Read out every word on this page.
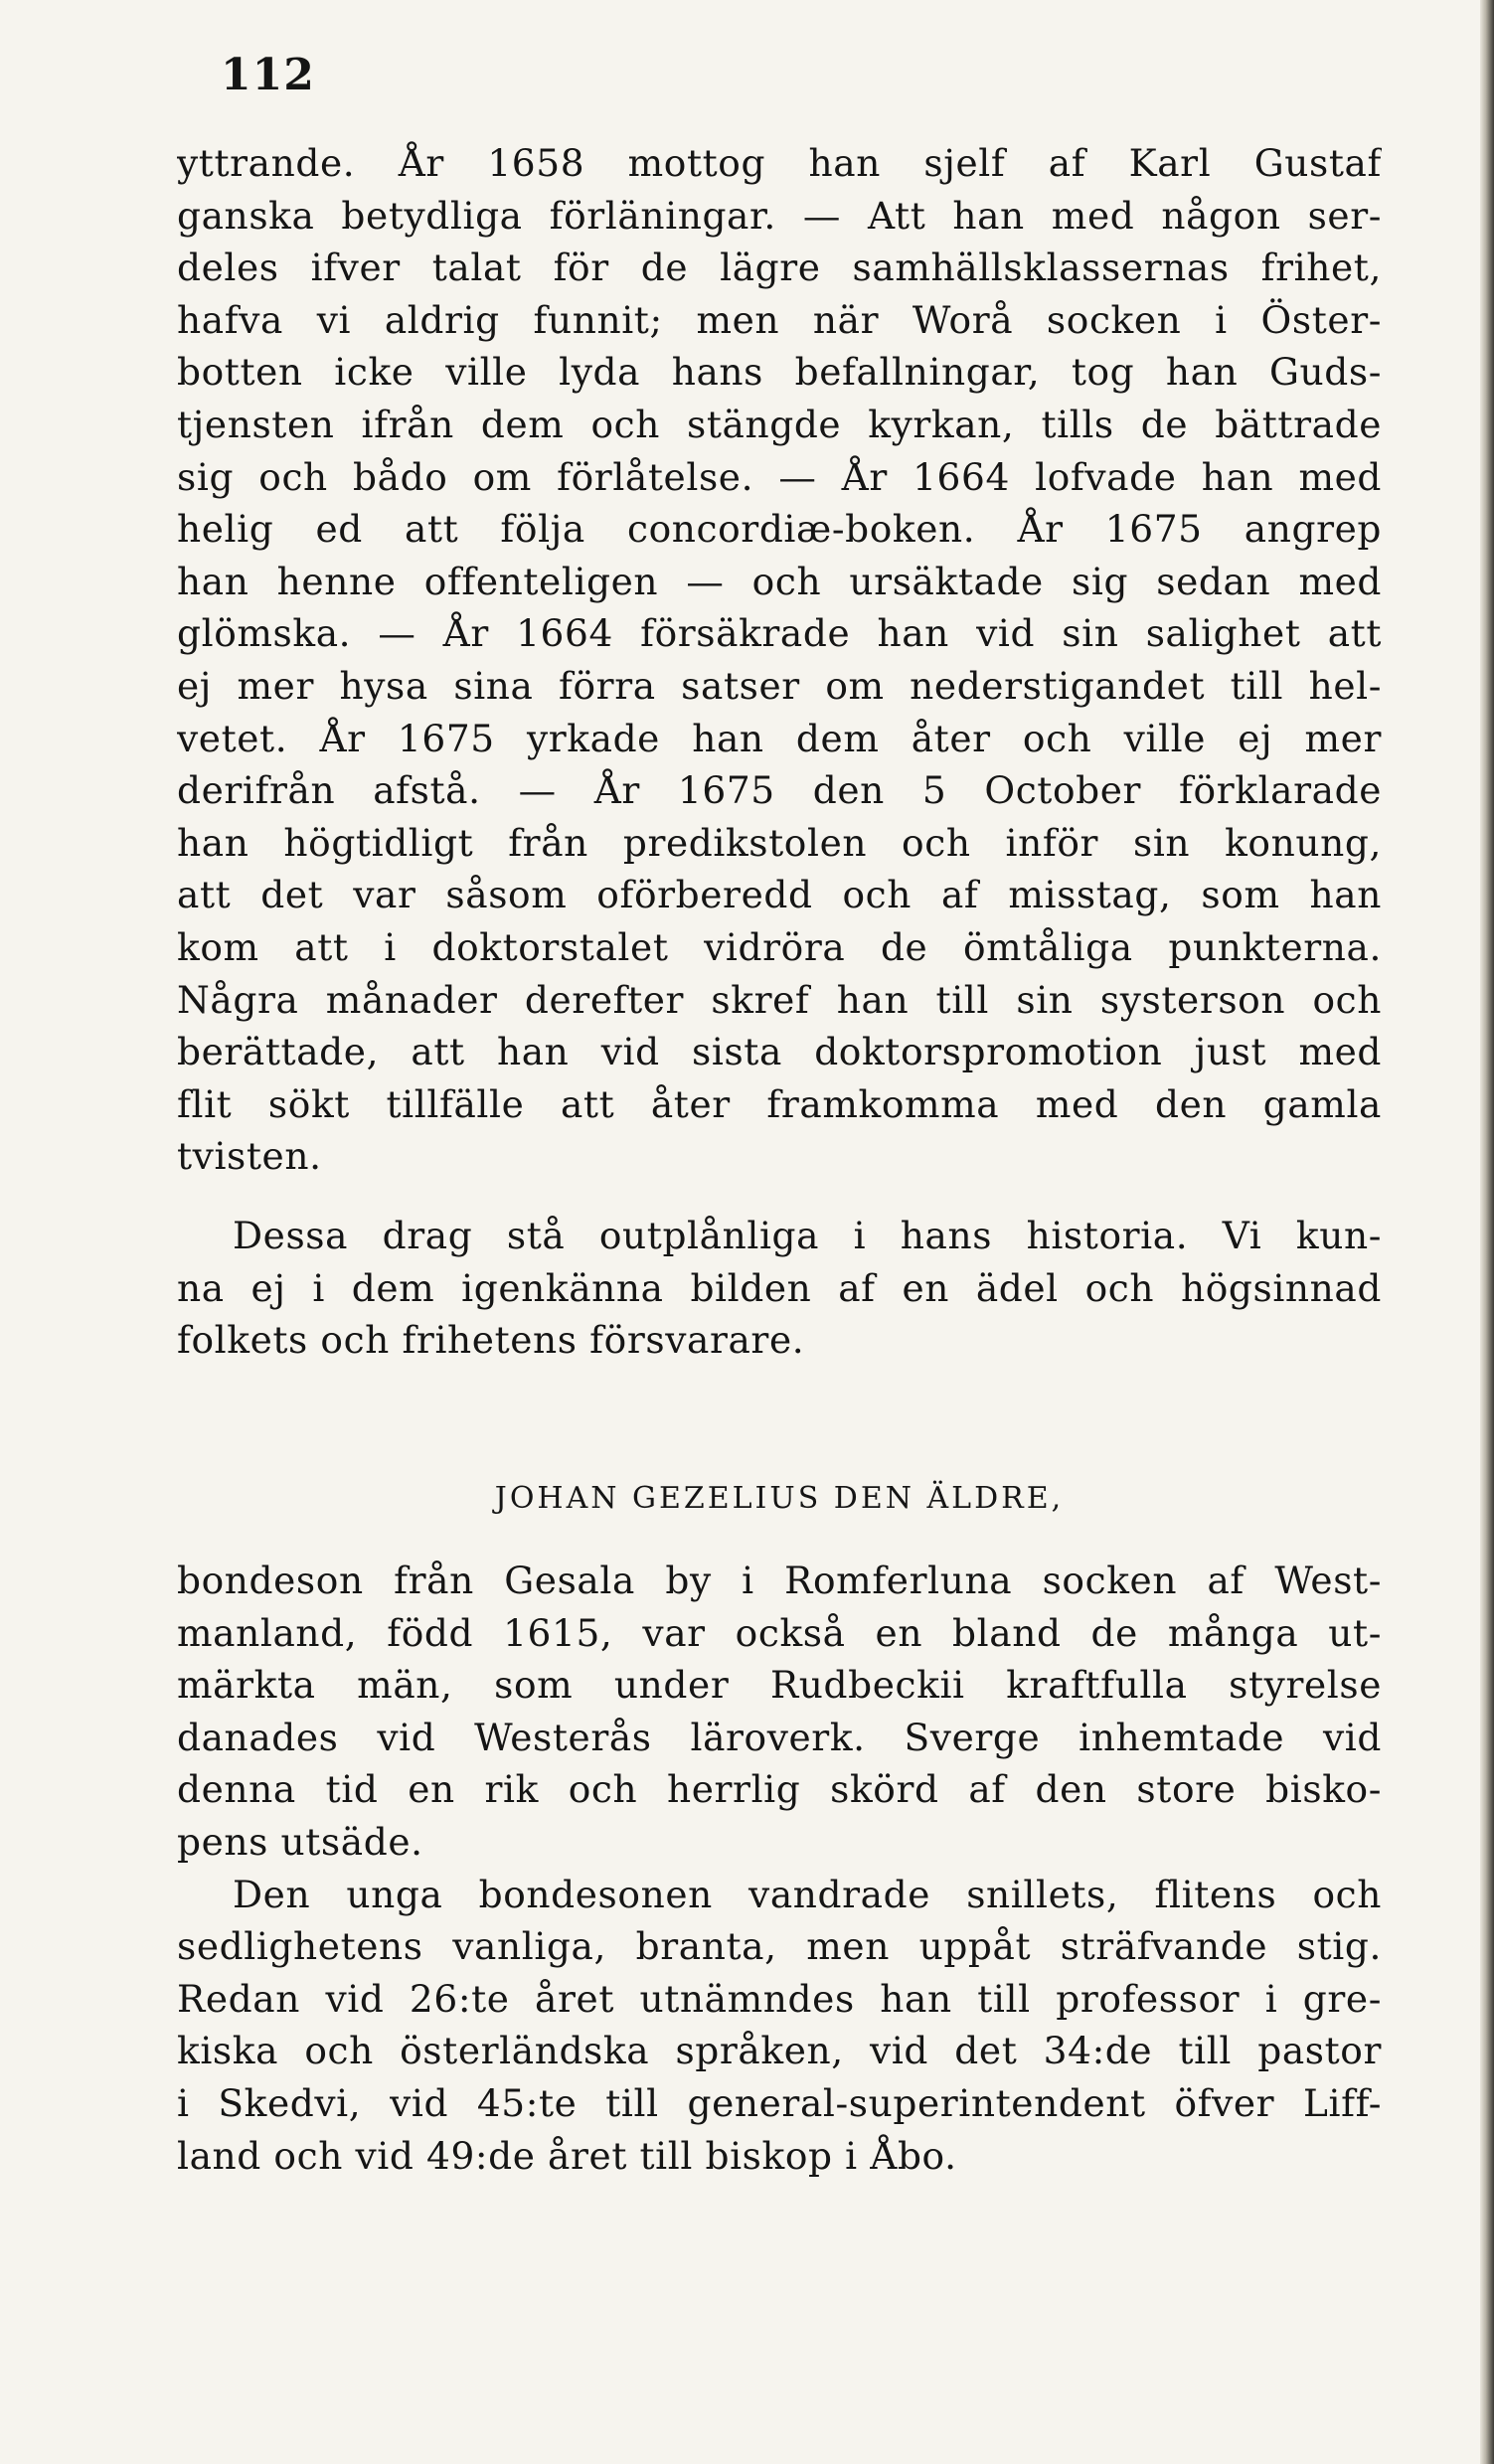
112
yttrande. År 1658 mottog han sjelf af Karl Gustaf
ganska betydliga förläningar. — Att han med någon ser-
deles ifver talat för de lägre samhällsklassernas frihet,
hafva vi aldrig funnit; men när Worå socken i Öster-
botten icke ville lyda hans befallningar, tog han Guds-
tjensten ifrån dem och stängde kyrkan, tills de bättrade
sig och bådo om förlåtelse. — År 1664 lofvade han med
helig ed att följa concordiæ-boken. År 1675 angrep
han henne offenteligen — och ursäktade sig sedan med
glömska. — År 1664 försäkrade han vid sin salighet att
ej mer hysa sina förra satser om nederstigandet till hel-
vetet. År 1675 yrkade han dem åter och ville ej mer
derifrån afstå. — År 1675 den 5 October förklarade
han högtidligt från predikstolen och inför sin konung,
att det var såsom oförberedd och af misstag, som han
kom att i doktorstalet vidröra de ömtåliga punkterna.
Några månader derefter skref han till sin systerson och
berättade, att han vid sista doktorspromotion just med
flit sökt tillfälle att åter framkomma med den gamla
tvisten.
Dessa drag stå outplånliga i hans historia. Vi kun-
na ej i dem igenkänna bilden af en ädel och högsinnad
folkets och frihetens försvarare.
JOHAN GEZELIUS DEN ÄLDRE,
bondeson från Gesala by i Romferluna socken af West-
manland, född 1615, var också en bland de många ut-
märkta män, som under Rudbeckii kraftfulla styrelse
danades vid Westerås läroverk. Sverge inhemtade vid
denna tid en rik och herrlig skörd af den store bisko-
pens utsäde.
Den unga bondesonen vandrade snillets, flitens och
sedlighetens vanliga, branta, men uppåt sträfvande stig.
Redan vid 26:te året utnämndes han till professor i gre-
kiska och österländska språken, vid det 34:de till pastor
i Skedvi, vid 45:te till general-superintendent öfver Liff-
land och vid 49:de året till biskop i Åbo.
